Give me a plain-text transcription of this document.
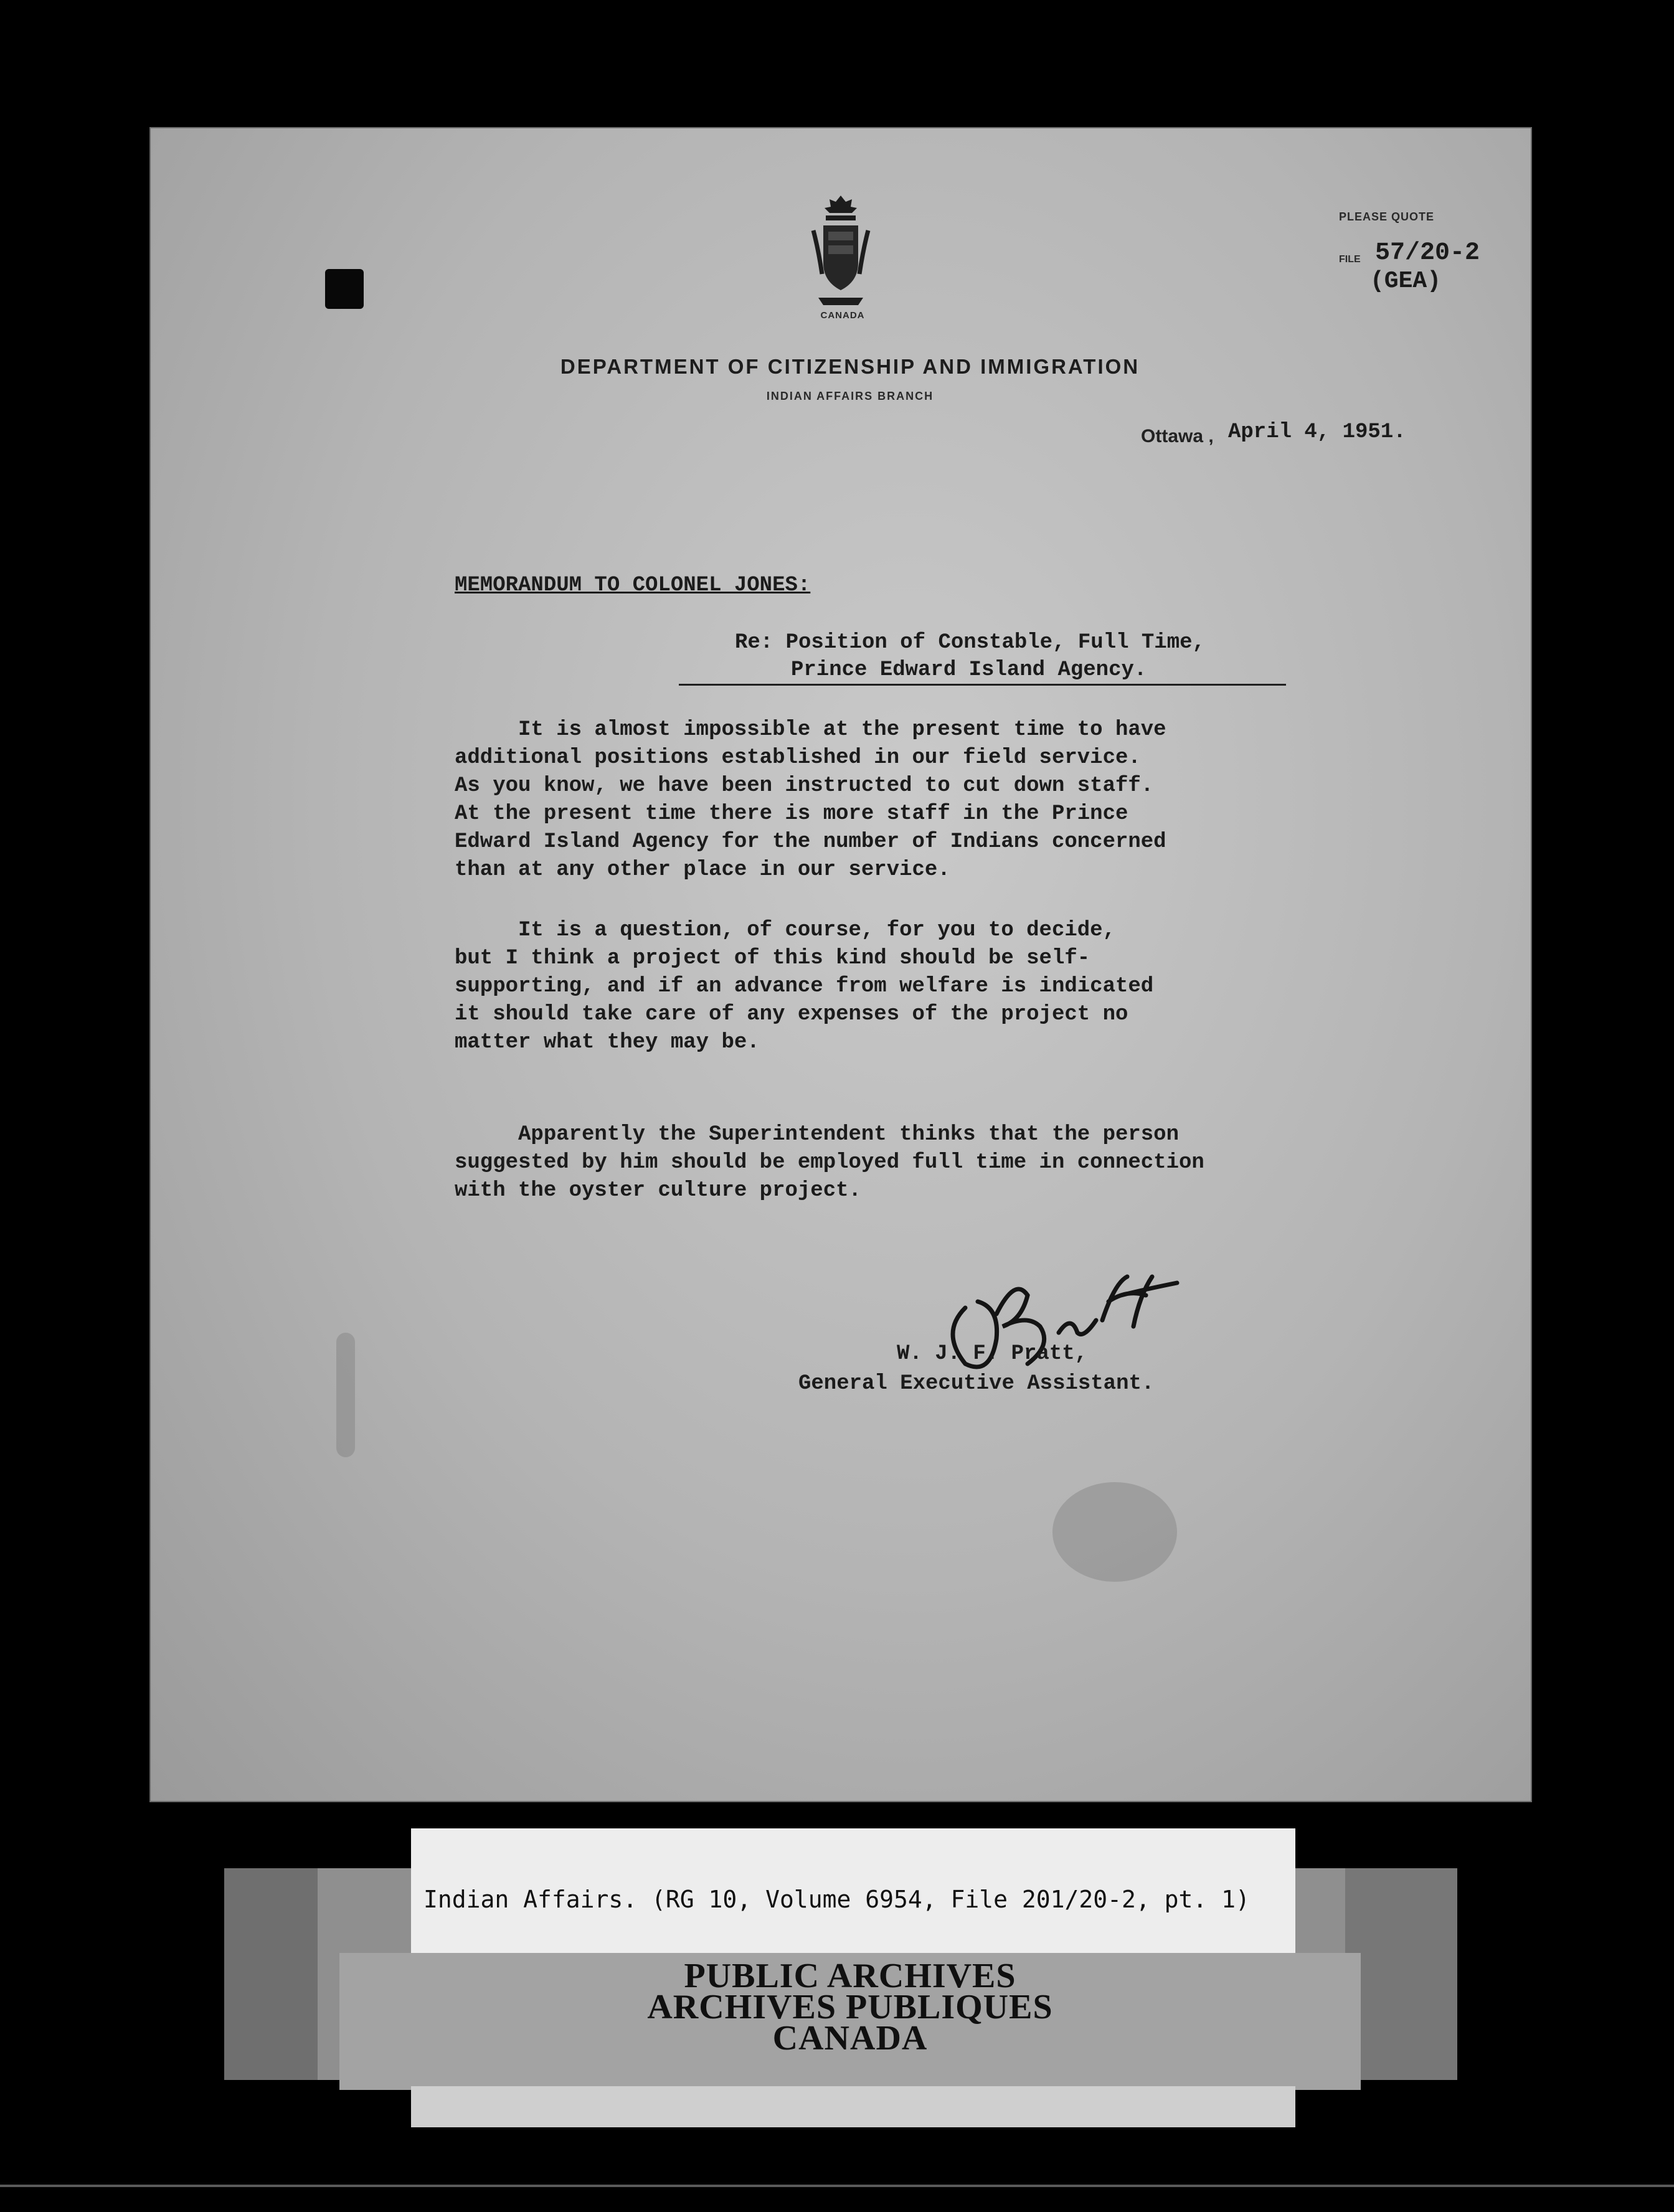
CANADA
DEPARTMENT OF CITIZENSHIP AND IMMIGRATION
INDIAN AFFAIRS BRANCH
PLEASE QUOTE
FILE 57/20-2
(GEA)
Ottawa , April 4, 1951.
MEMORANDUM TO COLONEL JONES:
Re: Position of Constable, Full Time,
Prince Edward Island Agency.
It is almost impossible at the present time to have
additional positions established in our field service.
As you know, we have been instructed to cut down staff.
At the present time there is more staff in the Prince
Edward Island Agency for the number of Indians concerned
than at any other place in our service.
It is a question, of course, for you to decide,
but I think a project of this kind should be self-
supporting, and if an advance from welfare is indicated
it should take care of any expenses of the project no
matter what they may be.
Apparently the Superintendent thinks that the person
suggested by him should be employed full time in connection
with the oyster culture project.
W. J. F. Pratt,
General Executive Assistant.
Indian Affairs. (RG 10, Volume 6954, File 201/20-2, pt. 1)
PUBLIC ARCHIVES
ARCHIVES PUBLIQUES
CANADA
